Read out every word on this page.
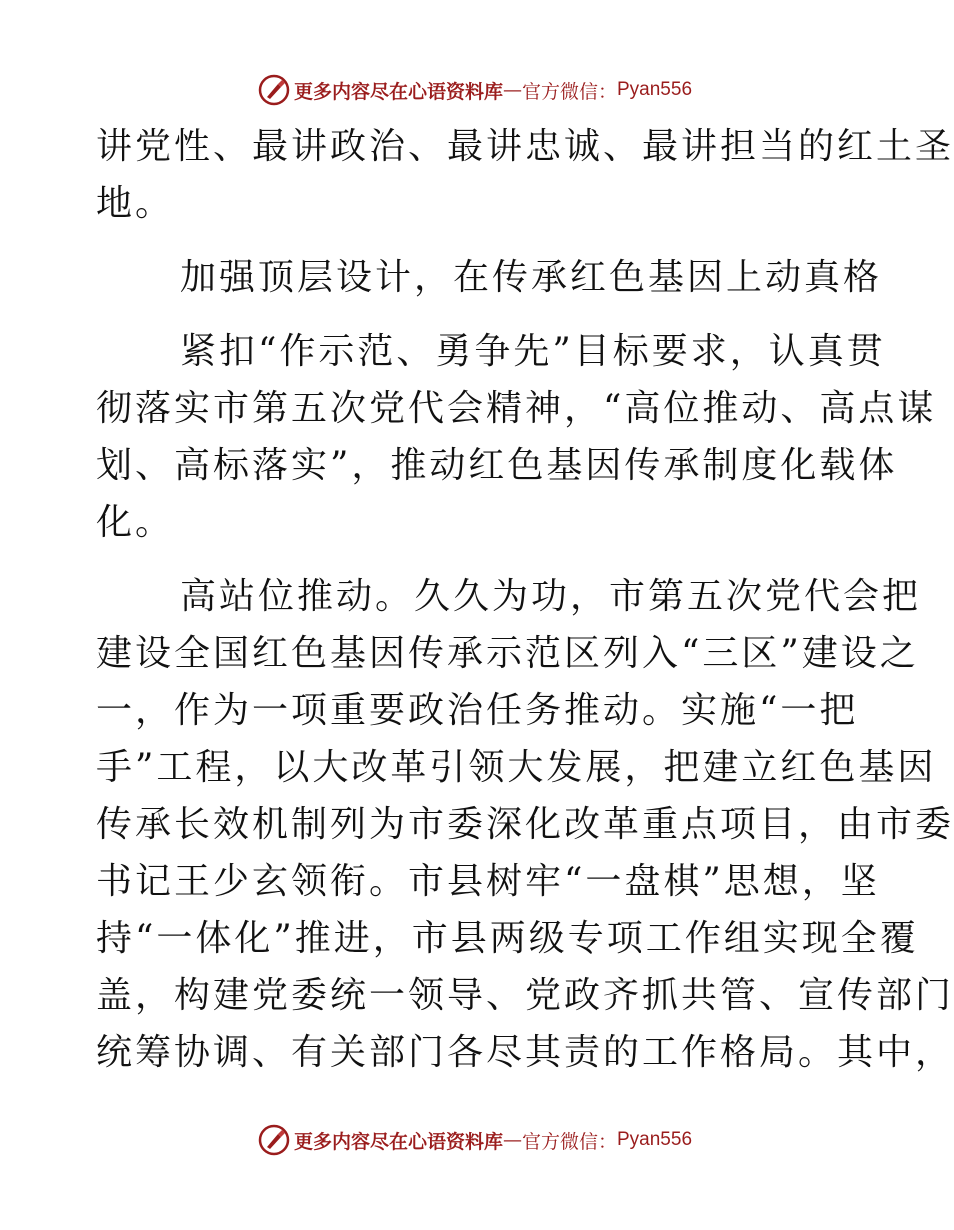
更多内容尽在心语资料库 — 官方微信： Pyan556
讲党性、最讲政治、最讲忠诚、最讲担当的红土圣
地。
加强顶层设计，在传承红色基因上动真格
紧扣“作示范、勇争先”目标要求，认真贯
彻落实市第五次党代会精神，“高位推动、高点谋
划、高标落实”，推动红色基因传承制度化载体
化。
高站位推动。久久为功，市第五次党代会把
建设全国红色基因传承示范区列入“三区”建设之
一，作为一项重要政治任务推动。实施“一把
手”工程，以大改革引领大发展，把建立红色基因
传承长效机制列为市委深化改革重点项目，由市委
书记王少玄领衔。市县树牢“一盘棋”思想，坚
持“一体化”推进，市县两级专项工作组实现全覆
盖，构建党委统一领导、党政齐抓共管、宣传部门
统筹协调、有关部门各尽其责的工作格局。其中，
更多内容尽在心语资料库 — 官方微信： Pyan556
